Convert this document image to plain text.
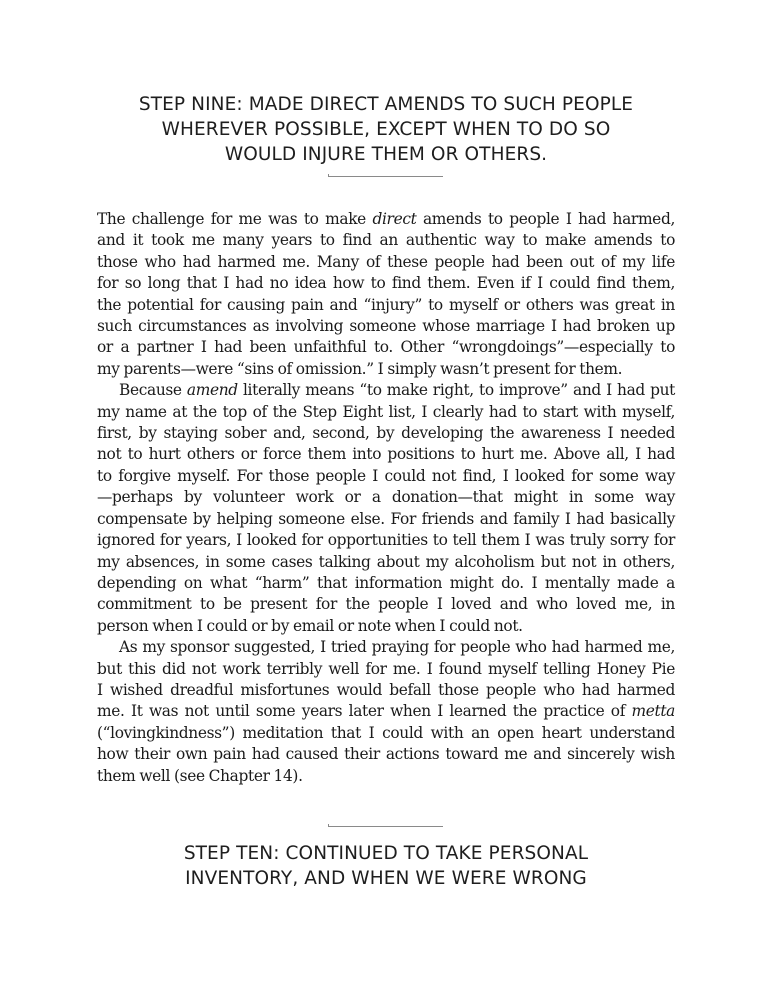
STEP NINE: MADE DIRECT AMENDS TO SUCH PEOPLE
WHEREVER POSSIBLE, EXCEPT WHEN TO DO SO
WOULD INJURE THEM OR OTHERS.

The challenge for me was to make direct amends to people I had harmed,
and it took me many years to find an authentic way to make amends to
those who had harmed me. Many of these people had been out of my life
for so long that I had no idea how to find them. Even if I could find them,
the potential for causing pain and “injury” to myself or others was great in
such circumstances as involving someone whose marriage I had broken up
or a partner I had been unfaithful to. Other “wrongdoings”—especially to
my parents—were “sins of omission.” I simply wasn’t present for them.

Because amend literally means “to make right, to improve” and I had put
my name at the top of the Step Eight list, I clearly had to start with myself,
first, by staying sober and, second, by developing the awareness I needed
not to hurt others or force them into positions to hurt me. Above all, I had
to forgive myself. For those people I could not find, I looked for some way
—perhaps by volunteer work or a donation—that might in some way
compensate by helping someone else. For friends and family I had basically
ignored for years, I looked for opportunities to tell them I was truly sorry for
my absences, in some cases talking about my alcoholism but not in others,
depending on what “harm” that information might do. I mentally made a
commitment to be present for the people I loved and who loved me, in
person when I could or by email or note when I could not.

As my sponsor suggested, I tried praying for people who had harmed me,
but this did not work terribly well for me. I found myself telling Honey Pie
I wished dreadful misfortunes would befall those people who had harmed
me. It was not until some years later when I learned the practice of metta
(“lovingkindness”) meditation that I could with an open heart understand
how their own pain had caused their actions toward me and sincerely wish
them well (see Chapter 14).

STEP TEN: CONTINUED TO TAKE PERSONAL
INVENTORY, AND WHEN WE WERE WRONG
